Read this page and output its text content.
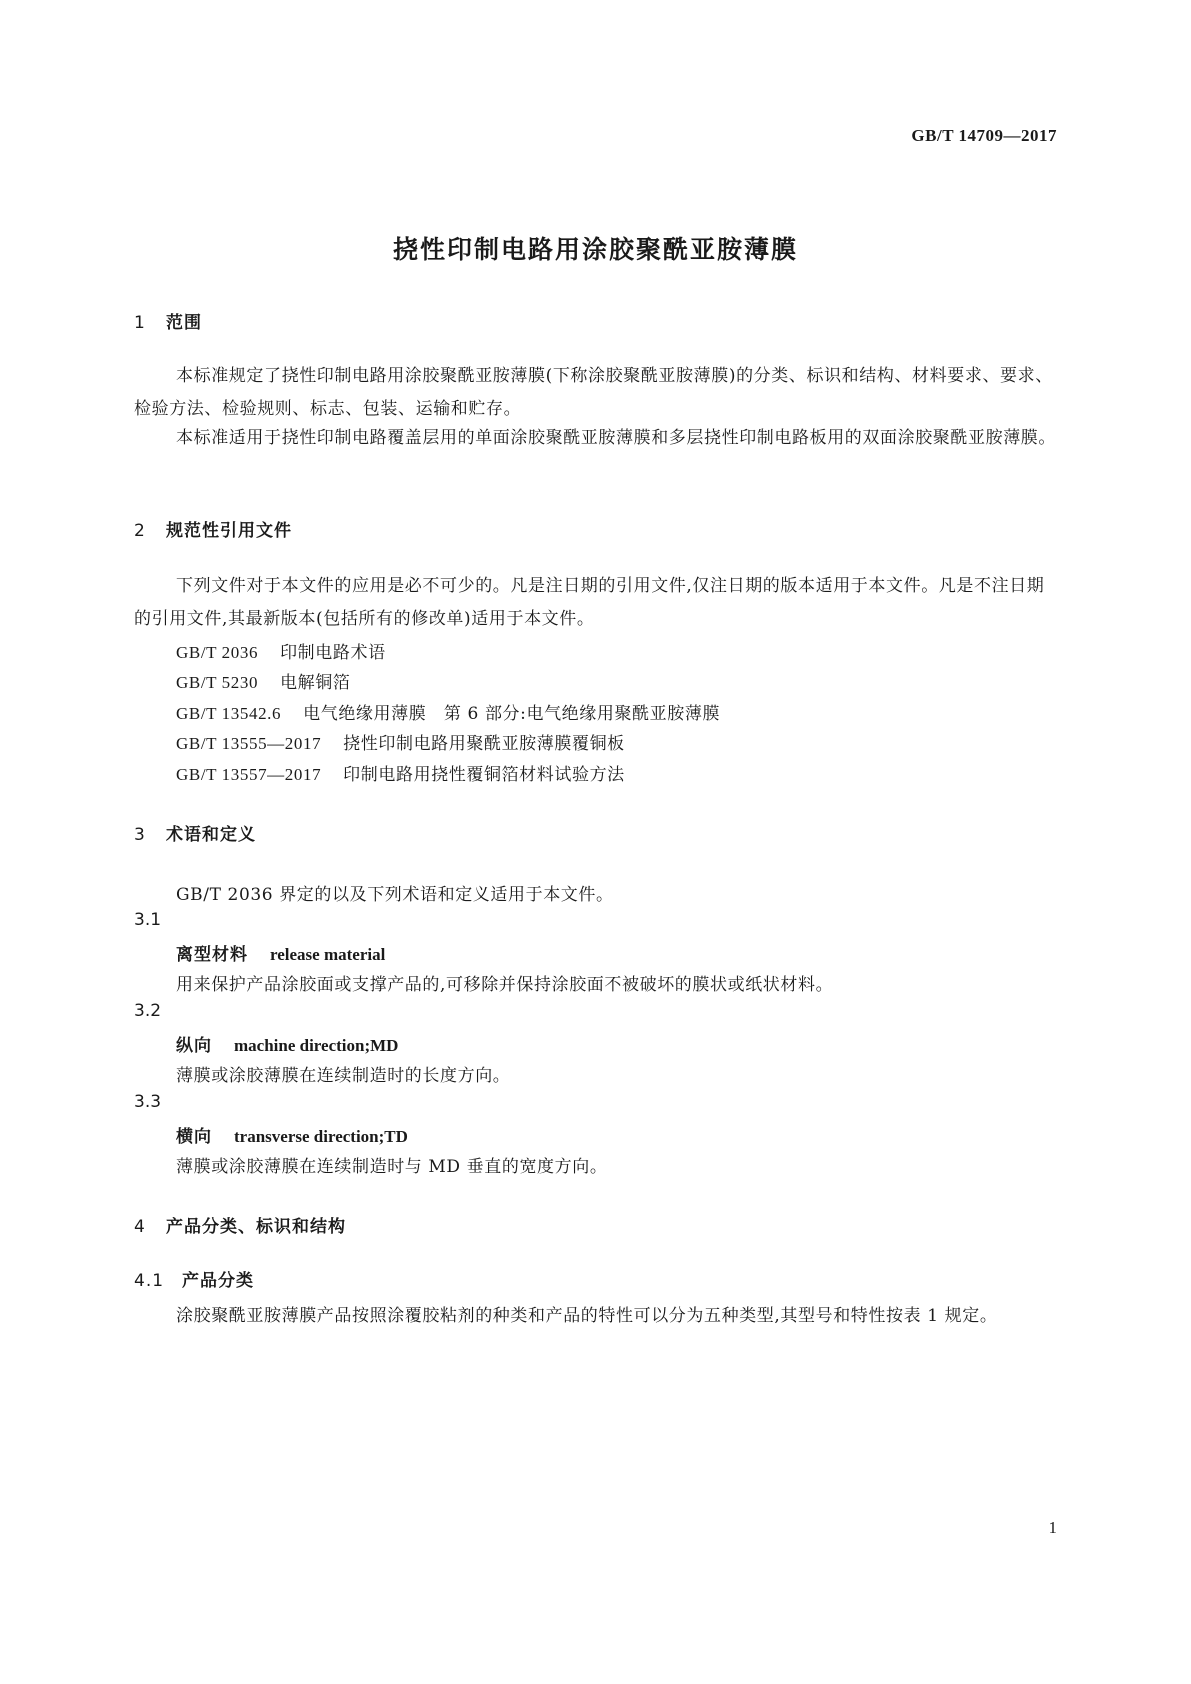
GB/T 14709—2017
挠性印制电路用涂胶聚酰亚胺薄膜
1 范围
本标准规定了挠性印制电路用涂胶聚酰亚胺薄膜(下称涂胶聚酰亚胺薄膜)的分类、标识和结构、材料要求、要求、检验方法、检验规则、标志、包装、运输和贮存。
本标准适用于挠性印制电路覆盖层用的单面涂胶聚酰亚胺薄膜和多层挠性印制电路板用的双面涂胶聚酰亚胺薄膜。
2 规范性引用文件
下列文件对于本文件的应用是必不可少的。凡是注日期的引用文件,仅注日期的版本适用于本文件。凡是不注日期的引用文件,其最新版本(包括所有的修改单)适用于本文件。
GB/T 2036 印制电路术语
GB/T 5230 电解铜箔
GB/T 13542.6 电气绝缘用薄膜　第 6 部分:电气绝缘用聚酰亚胺薄膜
GB/T 13555—2017 挠性印制电路用聚酰亚胺薄膜覆铜板
GB/T 13557—2017 印制电路用挠性覆铜箔材料试验方法
3 术语和定义
GB/T 2036 界定的以及下列术语和定义适用于本文件。
3.1
离型材料 release material
用来保护产品涂胶面或支撑产品的,可移除并保持涂胶面不被破坏的膜状或纸状材料。
3.2
纵向 machine direction;MD
薄膜或涂胶薄膜在连续制造时的长度方向。
3.3
横向 transverse direction;TD
薄膜或涂胶薄膜在连续制造时与 MD 垂直的宽度方向。
4 产品分类、标识和结构
4.1 产品分类
涂胶聚酰亚胺薄膜产品按照涂覆胶粘剂的种类和产品的特性可以分为五种类型,其型号和特性按表 1 规定。
1
